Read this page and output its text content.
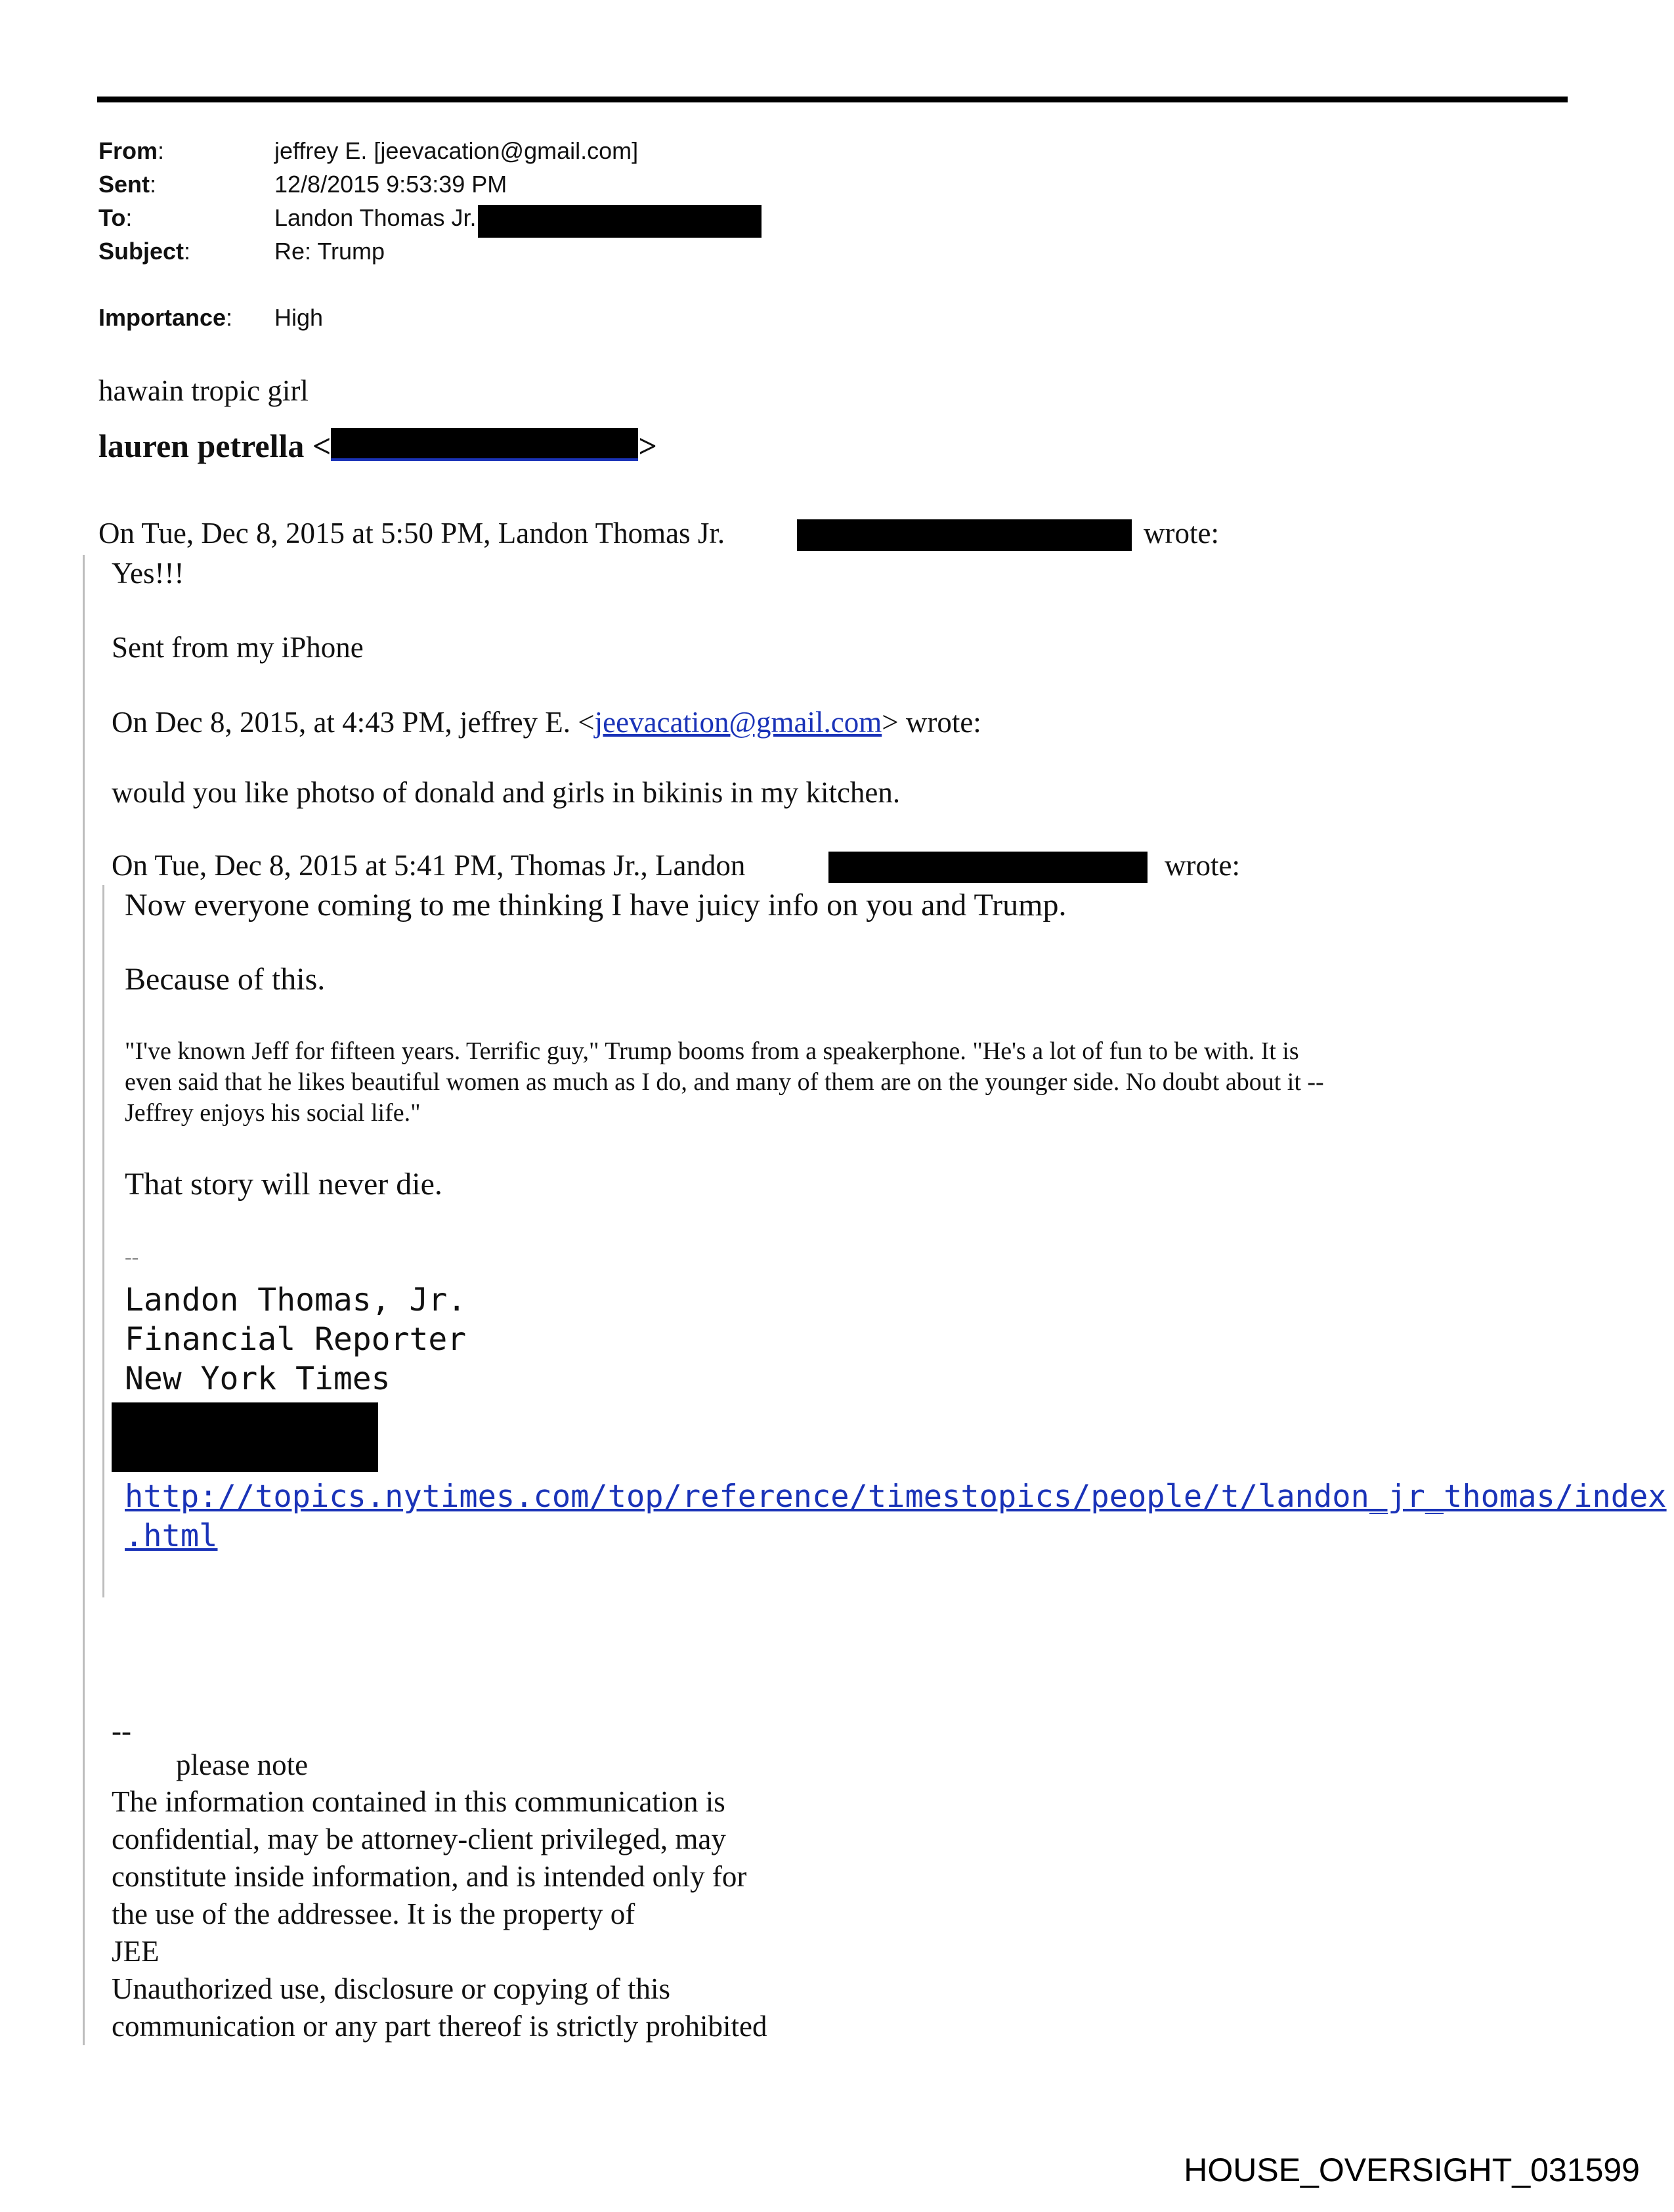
From:	jeffrey E. [jeevacation@gmail.com]
Sent:	12/8/2015 9:53:39 PM
To:	Landon Thomas Jr.
Subject:	Re: Trump
Importance: High
hawain tropic girl
lauren petrella <	>
On Tue, Dec 8, 2015 at 5:50 PM, Landon Thomas Jr.	wrote:
Yes!!!
Sent from my iPhone
On Dec 8, 2015, at 4:43 PM, jeffrey E. <jeevacation@gmail.com> wrote:
would you like photso of donald and girls in bikinis in my kitchen.
On Tue, Dec 8, 2015 at 5:41 PM, Thomas Jr., Landon	wrote:
Now everyone coming to me thinking I have juicy info on you and Trump.
Because of this.
"I've known Jeff for fifteen years. Terrific guy," Trump booms from a speakerphone. "He's a lot of fun to be with. It is
even said that he likes beautiful women as much as I do, and many of them are on the younger side. No doubt about it --
Jeffrey enjoys his social life."
That story will never die.
--
Landon Thomas, Jr.
Financial Reporter
New York Times
http://topics.nytimes.com/top/reference/timestopics/people/t/landon_jr_thomas/index
.html
--
please note
The information contained in this communication is
confidential, may be attorney-client privileged, may
constitute inside information, and is intended only for
the use of the addressee. It is the property of
JEE
Unauthorized use, disclosure or copying of this
communication or any part thereof is strictly prohibited
HOUSE_OVERSIGHT_031599
